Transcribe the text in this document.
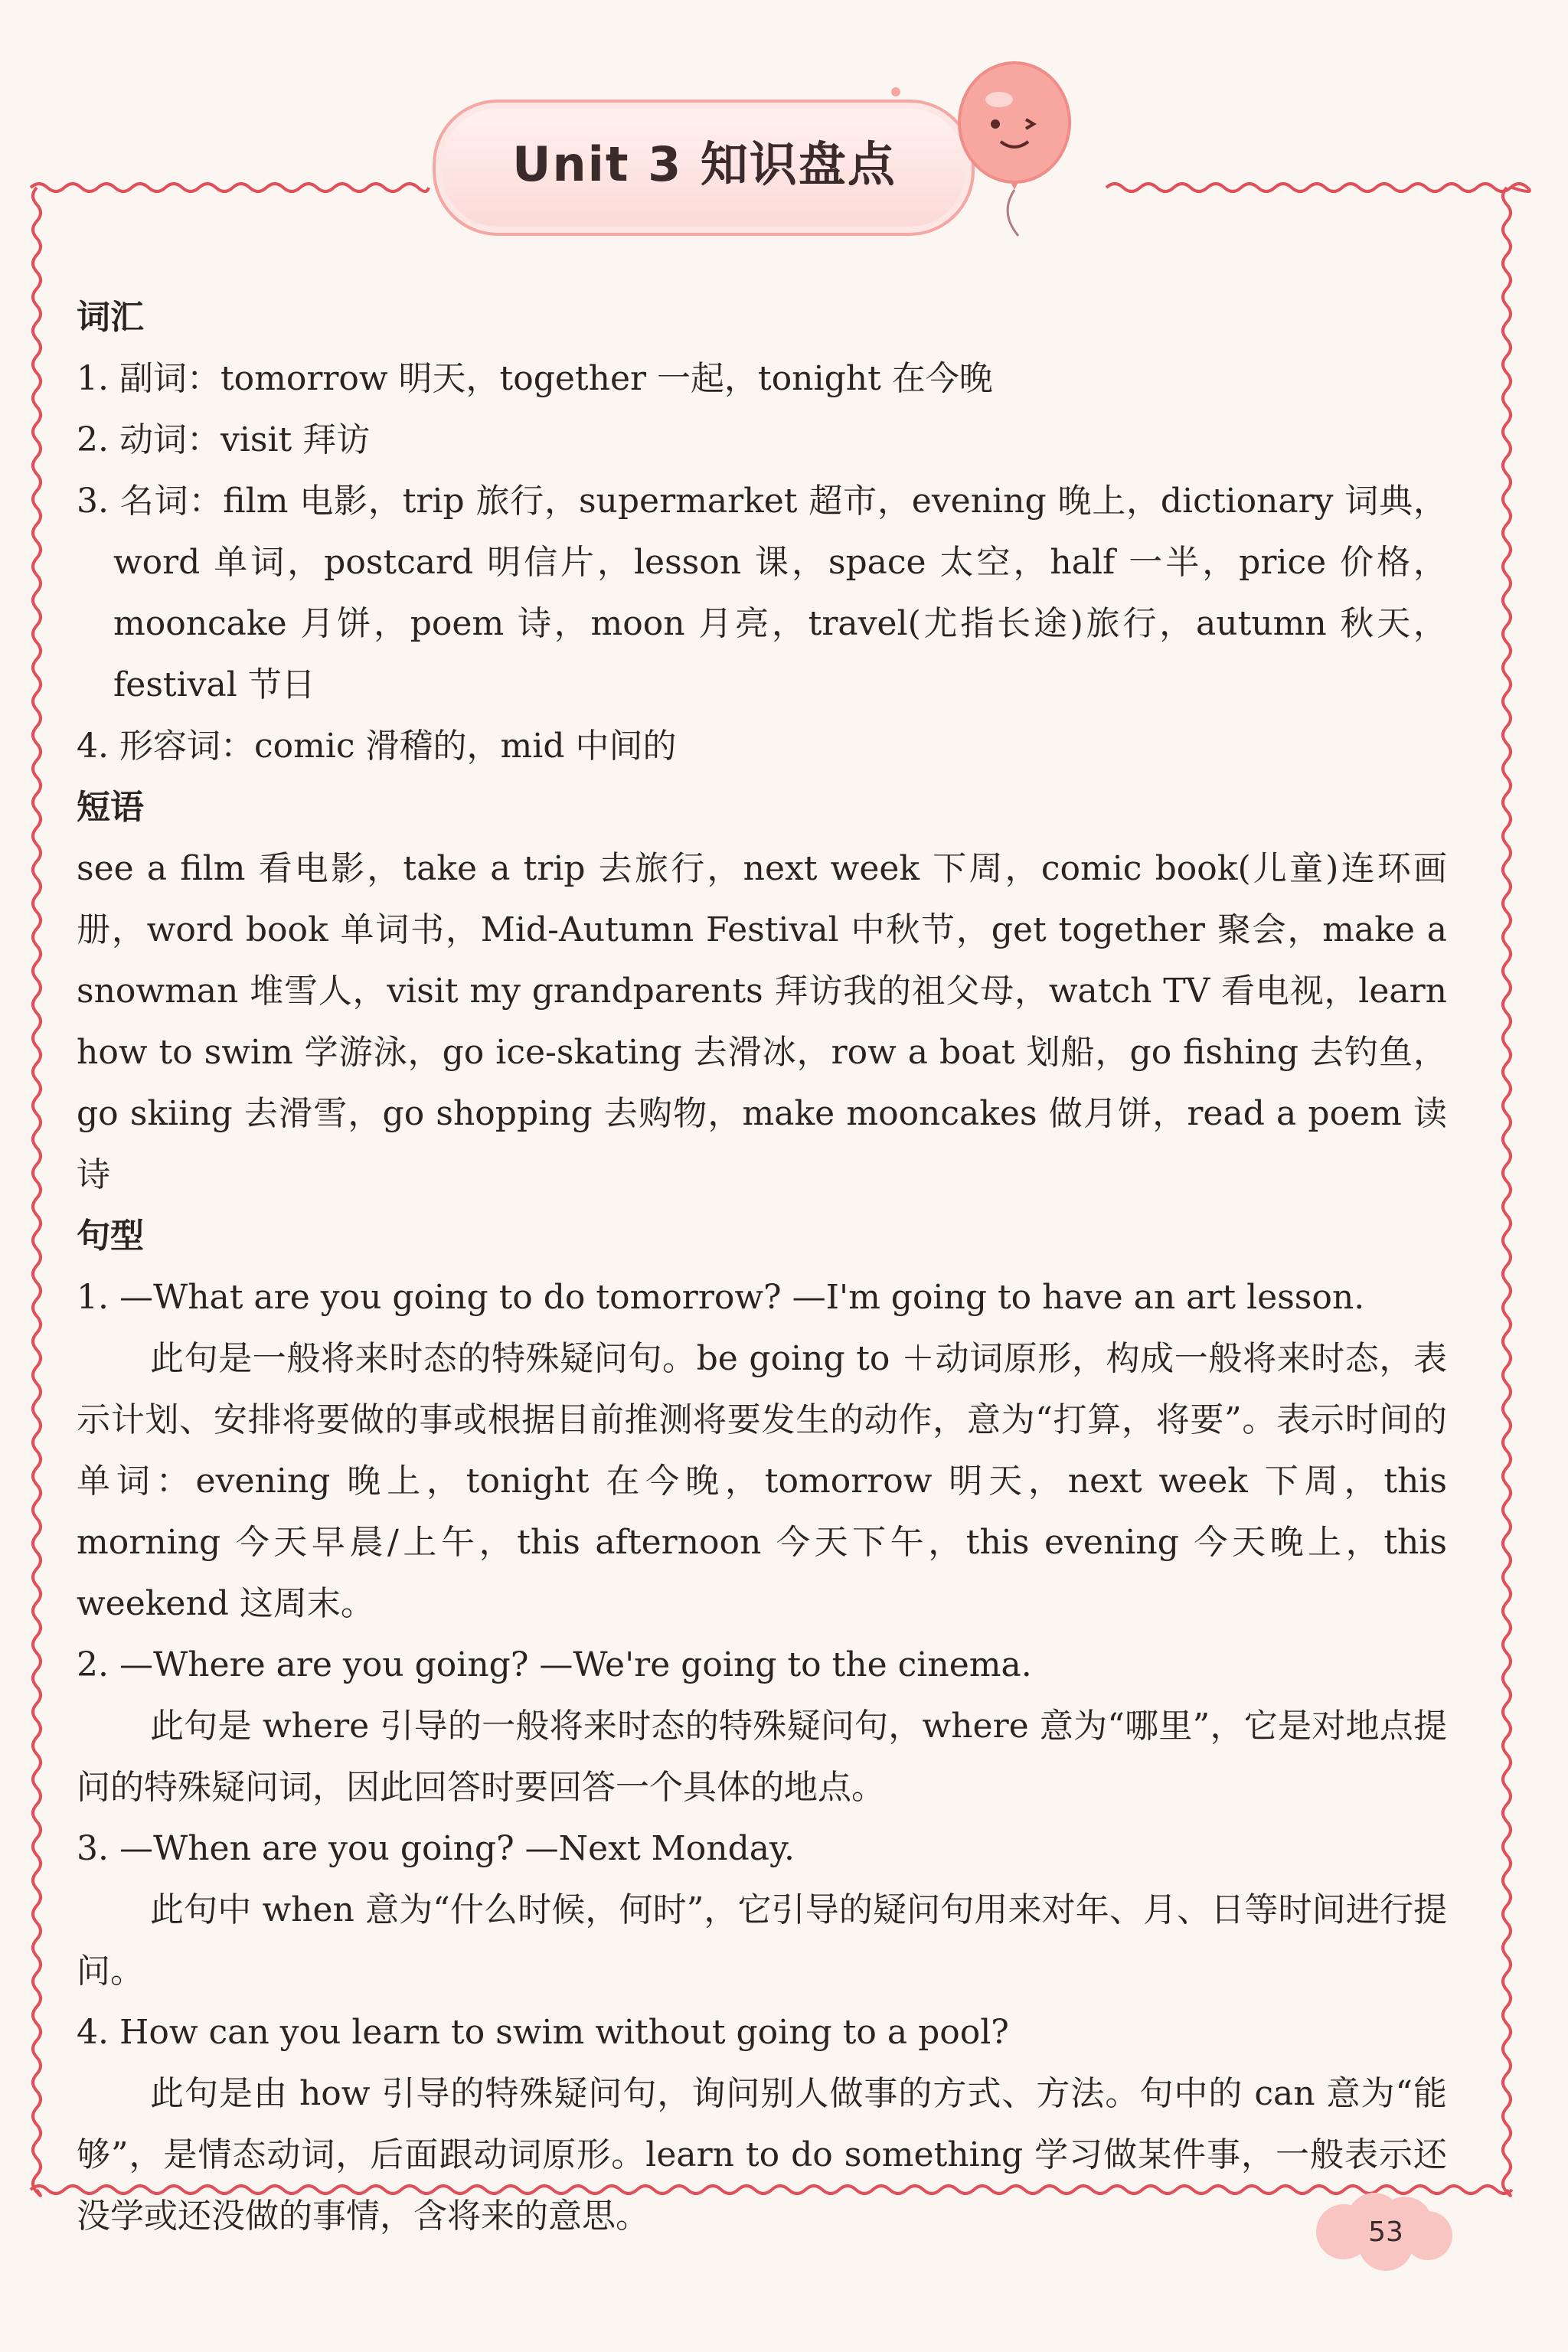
Unit 3 知识盘点

词汇

1. 副词：tomorrow 明天，together 一起，tonight 在今晚

2. 动词：visit 拜访

3. 名词：film 电影，trip 旅行，supermarket 超市，evening 晚上，dictionary 词典，word 单词，postcard 明信片，lesson 课，space 太空，half 一半，price 价格，mooncake 月饼，poem 诗，moon 月亮，travel(尤指长途)旅行，autumn 秋天，festival 节日

4. 形容词：comic 滑稽的，mid 中间的

短语

see a film 看电影，take a trip 去旅行，next week 下周，comic book(儿童)连环画册，word book 单词书，Mid-Autumn Festival 中秋节，get together 聚会，make a snowman 堆雪人，visit my grandparents 拜访我的祖父母，watch TV 看电视，learn how to swim 学游泳，go ice-skating 去滑冰，row a boat 划船，go fishing 去钓鱼，go skiing 去滑雪，go shopping 去购物，make mooncakes 做月饼，read a poem 读诗

句型

1. —What are you going to do tomorrow? —I'm going to have an art lesson.

此句是一般将来时态的特殊疑问句。be going to ＋动词原形，构成一般将来时态，表示计划、安排将要做的事或根据目前推测将要发生的动作，意为“打算，将要”。表示时间的单词：evening 晚上，tonight 在今晚，tomorrow 明天，next week 下周，this morning 今天早晨/上午，this afternoon 今天下午，this evening 今天晚上，this weekend 这周末。

2. —Where are you going? —We're going to the cinema.

此句是 where 引导的一般将来时态的特殊疑问句，where 意为“哪里”，它是对地点提问的特殊疑问词，因此回答时要回答一个具体的地点。

3. —When are you going? —Next Monday.

此句中 when 意为“什么时候，何时”，它引导的疑问句用来对年、月、日等时间进行提问。

4. How can you learn to swim without going to a pool?

此句是由 how 引导的特殊疑问句，询问别人做事的方式、方法。句中的 can 意为“能够”，是情态动词，后面跟动词原形。learn to do something 学习做某件事，一般表示还没学或还没做的事情，含将来的意思。	53
